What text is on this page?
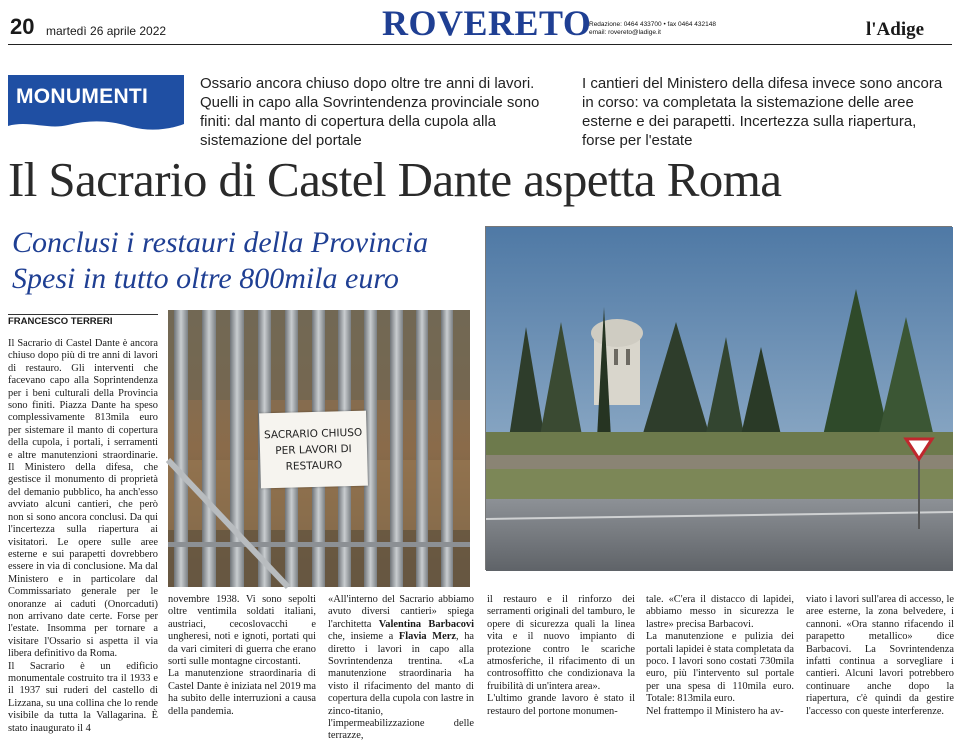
20 martedì 26 aprile 2022	ROVERETO
Redazione: 0464 433700 • fax 0464 432148
email: rovereto@ladige.it	l'Adige
MONUMENTI
Ossario ancora chiuso dopo oltre tre anni di lavori. Quelli in capo alla Sovrintendenza provinciale sono finiti: dal manto di copertura della cupola alla sistemazione del portale
I cantieri del Ministero della difesa invece sono ancora in corso: va completata la sistemazione delle aree esterne e dei parapetti. Incertezza sulla riapertura, forse per l'estate
Il Sacrario di Castel Dante aspetta Roma
Conclusi i restauri della Provincia
Spesi in tutto oltre 800mila euro
FRANCESCO TERRERI

Il Sacrario di Castel Dante è ancora chiuso dopo più di tre anni di lavori di restauro. Gli interventi che facevano capo alla Soprintendenza per i beni culturali della Provincia sono finiti. Piazza Dante ha speso complessivamente 813mila euro per sistemare il manto di copertura della cupola, i portali, i serramenti e altre manutenzioni straordinarie. Il Ministero della difesa, che gestisce il monumento di proprietà del demanio pubblico, ha anch'esso avviato alcuni cantieri, che però non si sono ancora conclusi. Da qui l'incertezza sulla riapertura ai visitatori. Le opere sulle aree esterne e sui parapetti dovrebbero essere in via di conclusione. Ma dal Ministero e in particolare dal Commissariato generale per le onoranze ai caduti (Onorcaduti) non arrivano date certe. Forse per l'estate. Insomma per tornare a visitare l'Ossario si aspetta il via libera definitivo da Roma.

Il Sacrario è un edificio monumentale costruito tra il 1933 e il 1937 sui ruderi del castello di Lizzana, su una collina che lo rende visibile da tutta la Vallagarina. È stato inaugurato il 4

SACRARIO CHIUSO
PER LAVORI DI
RESTAURO

novembre 1938. Vi sono sepolti oltre ventimila soldati italiani, austriaci, cecoslovacchi e ungheresi, noti e ignoti, portati qui da vari cimiteri di guerra che erano sorti sulle montagne circostanti.

La manutenzione straordinaria di Castel Dante è iniziata nel 2019 ma ha subito delle interruzioni a causa della pandemia.

«All'interno del Sacrario abbiamo avuto diversi cantieri» spiega l'architetta Valentina Barbacovi che, insieme a Flavia Merz, ha diretto i lavori in capo alla Sovrintendenza trentina. «La manutenzione straordinaria ha visto il rifacimento del manto di copertura della cupola con lastre in zinco-titanio, l'impermeabilizzazione delle terrazze,

il restauro e il rinforzo dei serramenti originali del tamburo, le opere di sicurezza quali la linea vita e il nuovo impianto di protezione contro le scariche atmosferiche, il rifacimento di un controsoffitto che condizionava la fruibilità di un'intera area».

L'ultimo grande lavoro è stato il restauro del portone monumen-

tale. «C'era il distacco di lapidei, abbiamo messo in sicurezza le lastre» precisa Barbacovi.

La manutenzione e pulizia dei portali lapidei è stata completata da poco. I lavori sono costati 730mila euro, più l'intervento sul portale per una spesa di 110mila euro. Totale: 813mila euro.

Nel frattempo il Ministero ha av-

viato i lavori sull'area di accesso, le aree esterne, la zona belvedere, i cannoni. «Ora stanno rifacendo il parapetto metallico» dice Barbacovi. La Sovrintendenza infatti continua a sorvegliare i cantieri. Alcuni lavori potrebbero continuare anche dopo la riapertura, c'è quindi da gestire l'accesso con queste interferenze.
